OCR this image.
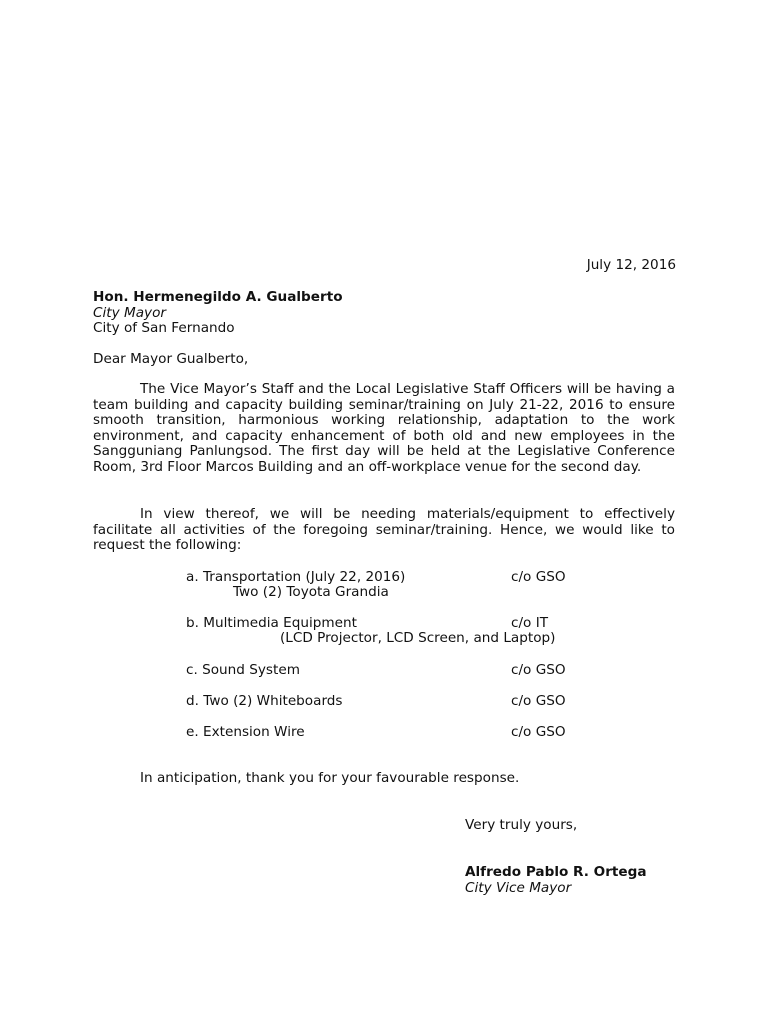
July 12, 2016
Hon. Hermenegildo A. Gualberto
City Mayor
City of San Fernando
Dear Mayor Gualberto,

The Vice Mayor’s Staff and the Local Legislative Staff Officers will be having a team building and capacity building seminar/training on July 21-22, 2016 to ensure smooth transition, harmonious working relationship, adaptation to the work environment, and capacity enhancement of both old and new employees in the Sangguniang Panlungsod. The first day will be held at the Legislative Conference Room, 3rd Floor Marcos Building and an off-workplace venue for the second day.

In view thereof, we will be needing materials/equipment to effectively facilitate all activities of the foregoing seminar/training. Hence, we would like to request the following:

a. Transportation (July 22, 2016)	c/o GSO
Two (2) Toyota Grandia
b. Multimedia Equipment	c/o IT
(LCD Projector, LCD Screen, and Laptop)
c. Sound System	c/o GSO
d. Two (2) Whiteboards	c/o GSO
e. Extension Wire	c/o GSO
In anticipation, thank you for your favourable response.
Very truly yours,
Alfredo Pablo R. Ortega
City Vice Mayor
